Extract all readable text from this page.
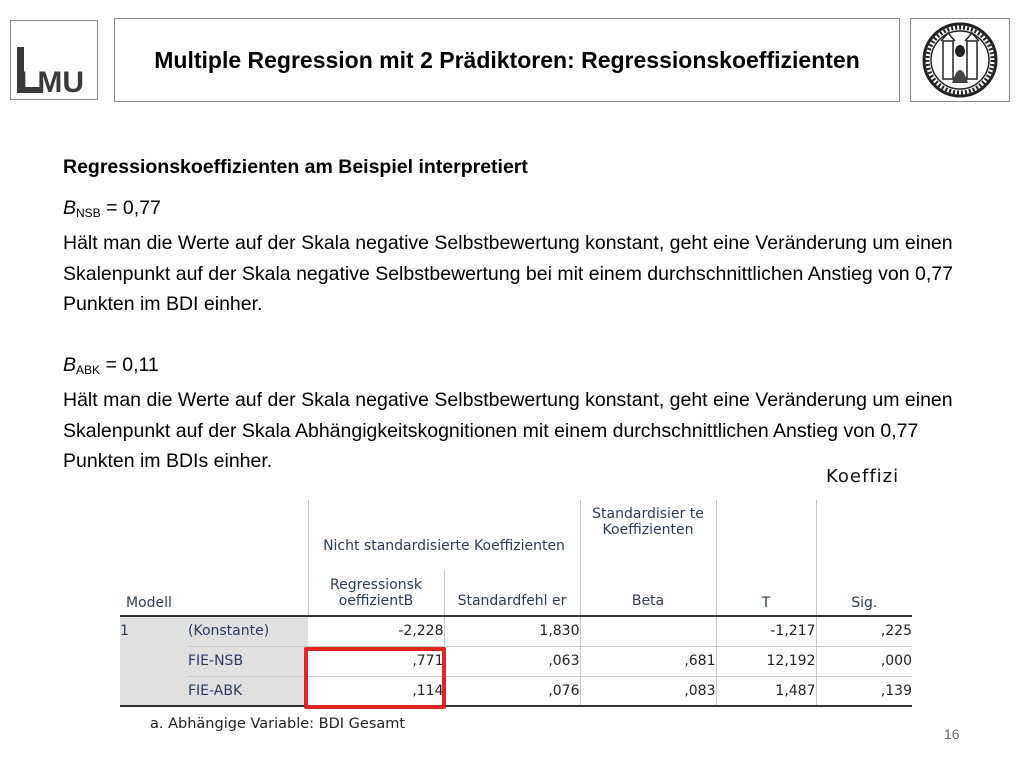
LMU
Multiple Regression mit 2 Prädiktoren: Regressionskoeffizienten
Regressionskoeffizienten am Beispiel interpretiert
$B_{NSB} = 0,77$

Hält man die Werte auf der Skala negative Selbstbewertung konstant, geht eine Veränderung um einen Skalenpunkt auf der Skala negative Selbstbewertung bei mit einem durchschnittlichen Anstieg von 0,77 Punkten im BDI einher.

$B_{ABK} = 0,11$

Hält man die Werte auf der Skala negative Selbstbewertung konstant, geht eine Veränderung um einen Skalenpunkt auf der Skala Abhängigkeitskognitionen mit einem durchschnittlichen Anstieg von 0,77 Punkten im BDIs einher.

Koeffizi
		Nicht standardisierte Koeffizienten		Standardisier te Koeffizienten		
Modell		Regressionsk oeffizientB	Standardfehl er	Beta	T	Sig.
1	(Konstante)	-2,228	1,830		-1,217	,225
	FIE-NSB	,771	,063	,681	12,192	,000
	FIE-ABK	,114	,076	,083	1,487	,139
a. Abhängige Variable: BDI Gesamt
16
